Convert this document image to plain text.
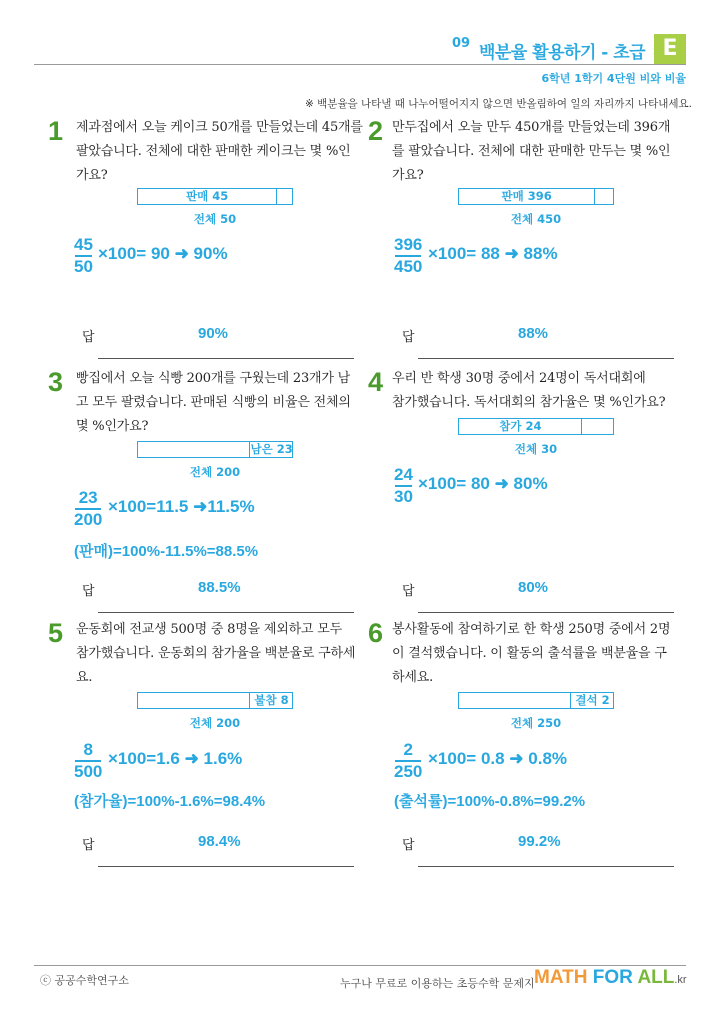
09 백분율 활용하기 - 초급 E
6학년 1학기 4단원 비와 비율
※ 백분율을 나타낼 때 나누어떨어지지 않으면 반올림하여 일의 자리까지 나타내세요.
1 제과점에서 오늘 케이크 50개를 만들었는데 45개를
팔았습니다. 전체에 대한 판매한 케이크는 몇 %인
가요?
판매 45
전체 50
45
50
×100= 90 ➜ 90%
답	90%
2 만두집에서 오늘 만두 450개를 만들었는데 396개
를 팔았습니다. 전체에 대한 판매한 만두는 몇 %인
가요?
판매 396
전체 450
396
450
×100= 88 ➜ 88%
답	88%
3 빵집에서 오늘 식빵 200개를 구웠는데 23개가 남
고 모두 팔렸습니다. 판매된 식빵의 비율은 전체의
몇 %인가요?
남은 23
전체 200
23
200
×100=11.5 ➜11.5%
(판매)=100%-11.5%=88.5%
답	88.5%
4 우리 반 학생 30명 중에서 24명이 독서대회에
참가했습니다. 독서대회의 참가율은 몇 %인가요?
참가 24
전체 30
24
30
×100= 80 ➜ 80%
답	80%
5 운동회에 전교생 500명 중 8명을 제외하고 모두
참가했습니다. 운동회의 참가율을 백분율로 구하세
요.
불참 8
전체 200
8
500
×100=1.6 ➜ 1.6%
(참가율)=100%-1.6%=98.4%
답	98.4%
6 봉사활동에 참여하기로 한 학생 250명 중에서 2명
이 결석했습니다. 이 활동의 출석률을 백분율을 구
하세요.
결석 2
전체 250
2
250
×100= 0.8 ➜ 0.8%
(출석률)=100%-0.8%=99.2%
답	99.2%
ⓒ 공공수학연구소	누구나 무료로 이용하는 초등수학 문제지 MATH FOR ALL.kr
